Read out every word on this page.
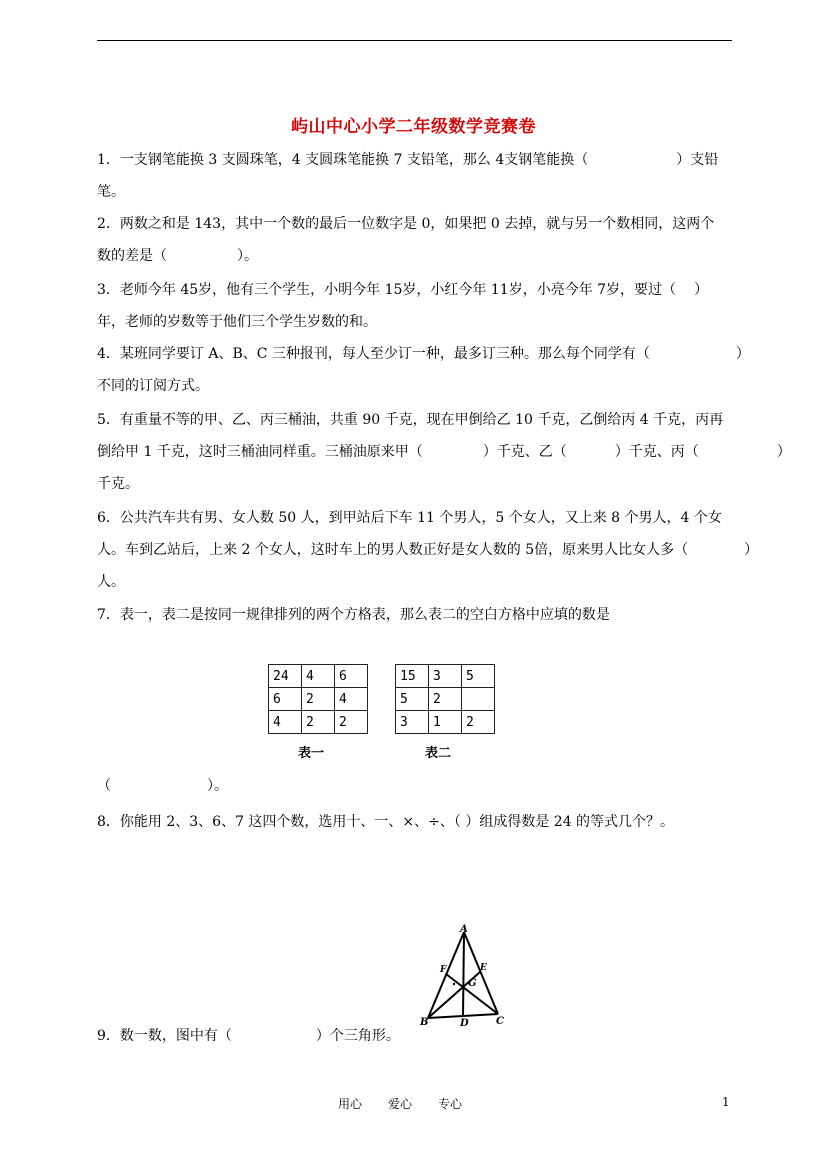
屿山中心小学二年级数学竞赛卷
1．一支钢笔能换 3 支圆珠笔，4 支圆珠笔能换 7 支铅笔，那么 4支钢笔能换（	）支铅
笔。
2．两数之和是 143，其中一个数的最后一位数字是 0，如果把 0 去掉，就与另一个数相同，这两个
数的差是（	）。
3．老师今年 45岁，他有三个学生，小明今年 15岁，小红今年 11岁，小亮今年 7岁，要过（ ）
年，老师的岁数等于他们三个学生岁数的和。
4．某班同学要订 A、B、C 三种报刊，每人至少订一种，最多订三种。那么每个同学有（	）
不同的订阅方式。
5．有重量不等的甲、乙、丙三桶油，共重 90 千克，现在甲倒给乙 10 千克，乙倒给丙 4 千克，丙再
倒给甲 1 千克，这时三桶油同样重。三桶油原来甲（	）千克、乙（	）千克、丙（	）
千克。
6．公共汽车共有男、女人数 50 人，到甲站后下车 11 个男人，5 个女人，又上来 8 个男人，4 个女
人。车到乙站后，上来 2 个女人，这时车上的男人数正好是女人数的 5倍，原来男人比女人多（	）
人。
7．表一，表二是按同一规律排列的两个方格表，那么表二的空白方格中应填的数是
24	4	6
6	2	4
4	2	2
表一
15	3	5
5	2	
3	1	2
表二
（	）。
8．你能用 2、3、6、7 这四个数，选用十、一、×、÷、（ ）组成得数是 24 的等式几个？。
A
B	C
D
E
F
G
9．数一数，图中有（	）个三角形。
用心 爱心 专心	1
